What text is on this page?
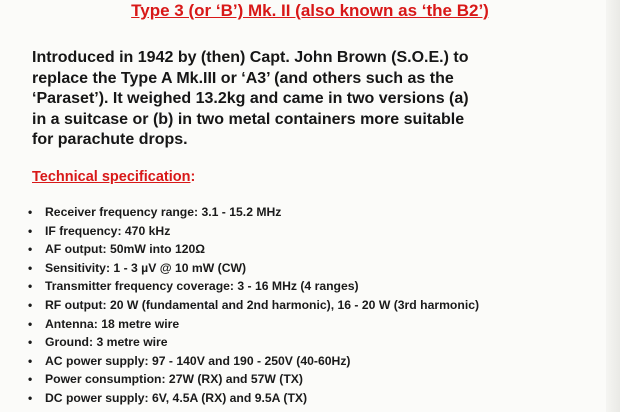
Type 3 (or ‘B’) Mk. II (also known as ‘the B2’)

Introduced in 1942 by (then) Capt. John Brown (S.O.E.) to
replace the Type A Mk.III or ‘A3’ (and others such as the
‘Paraset’). It weighed 13.2kg and came in two versions (a)
in a suitcase or (b) in two metal containers more suitable
for parachute drops.

Technical specification:
• Receiver frequency range: 3.1 - 15.2 MHz
• IF frequency: 470 kHz
• AF output: 50mW into 120Ω
• Sensitivity: 1 - 3 µV @ 10 mW (CW)
• Transmitter frequency coverage: 3 - 16 MHz (4 ranges)
• RF output: 20 W (fundamental and 2nd harmonic), 16 - 20 W (3rd harmonic)
• Antenna: 18 metre wire
• Ground: 3 metre wire
• AC power supply: 97 - 140V and 190 - 250V (40-60Hz)
• Power consumption: 27W (RX) and 57W (TX)
• DC power supply: 6V, 4.5A (RX) and 9.5A (TX)
